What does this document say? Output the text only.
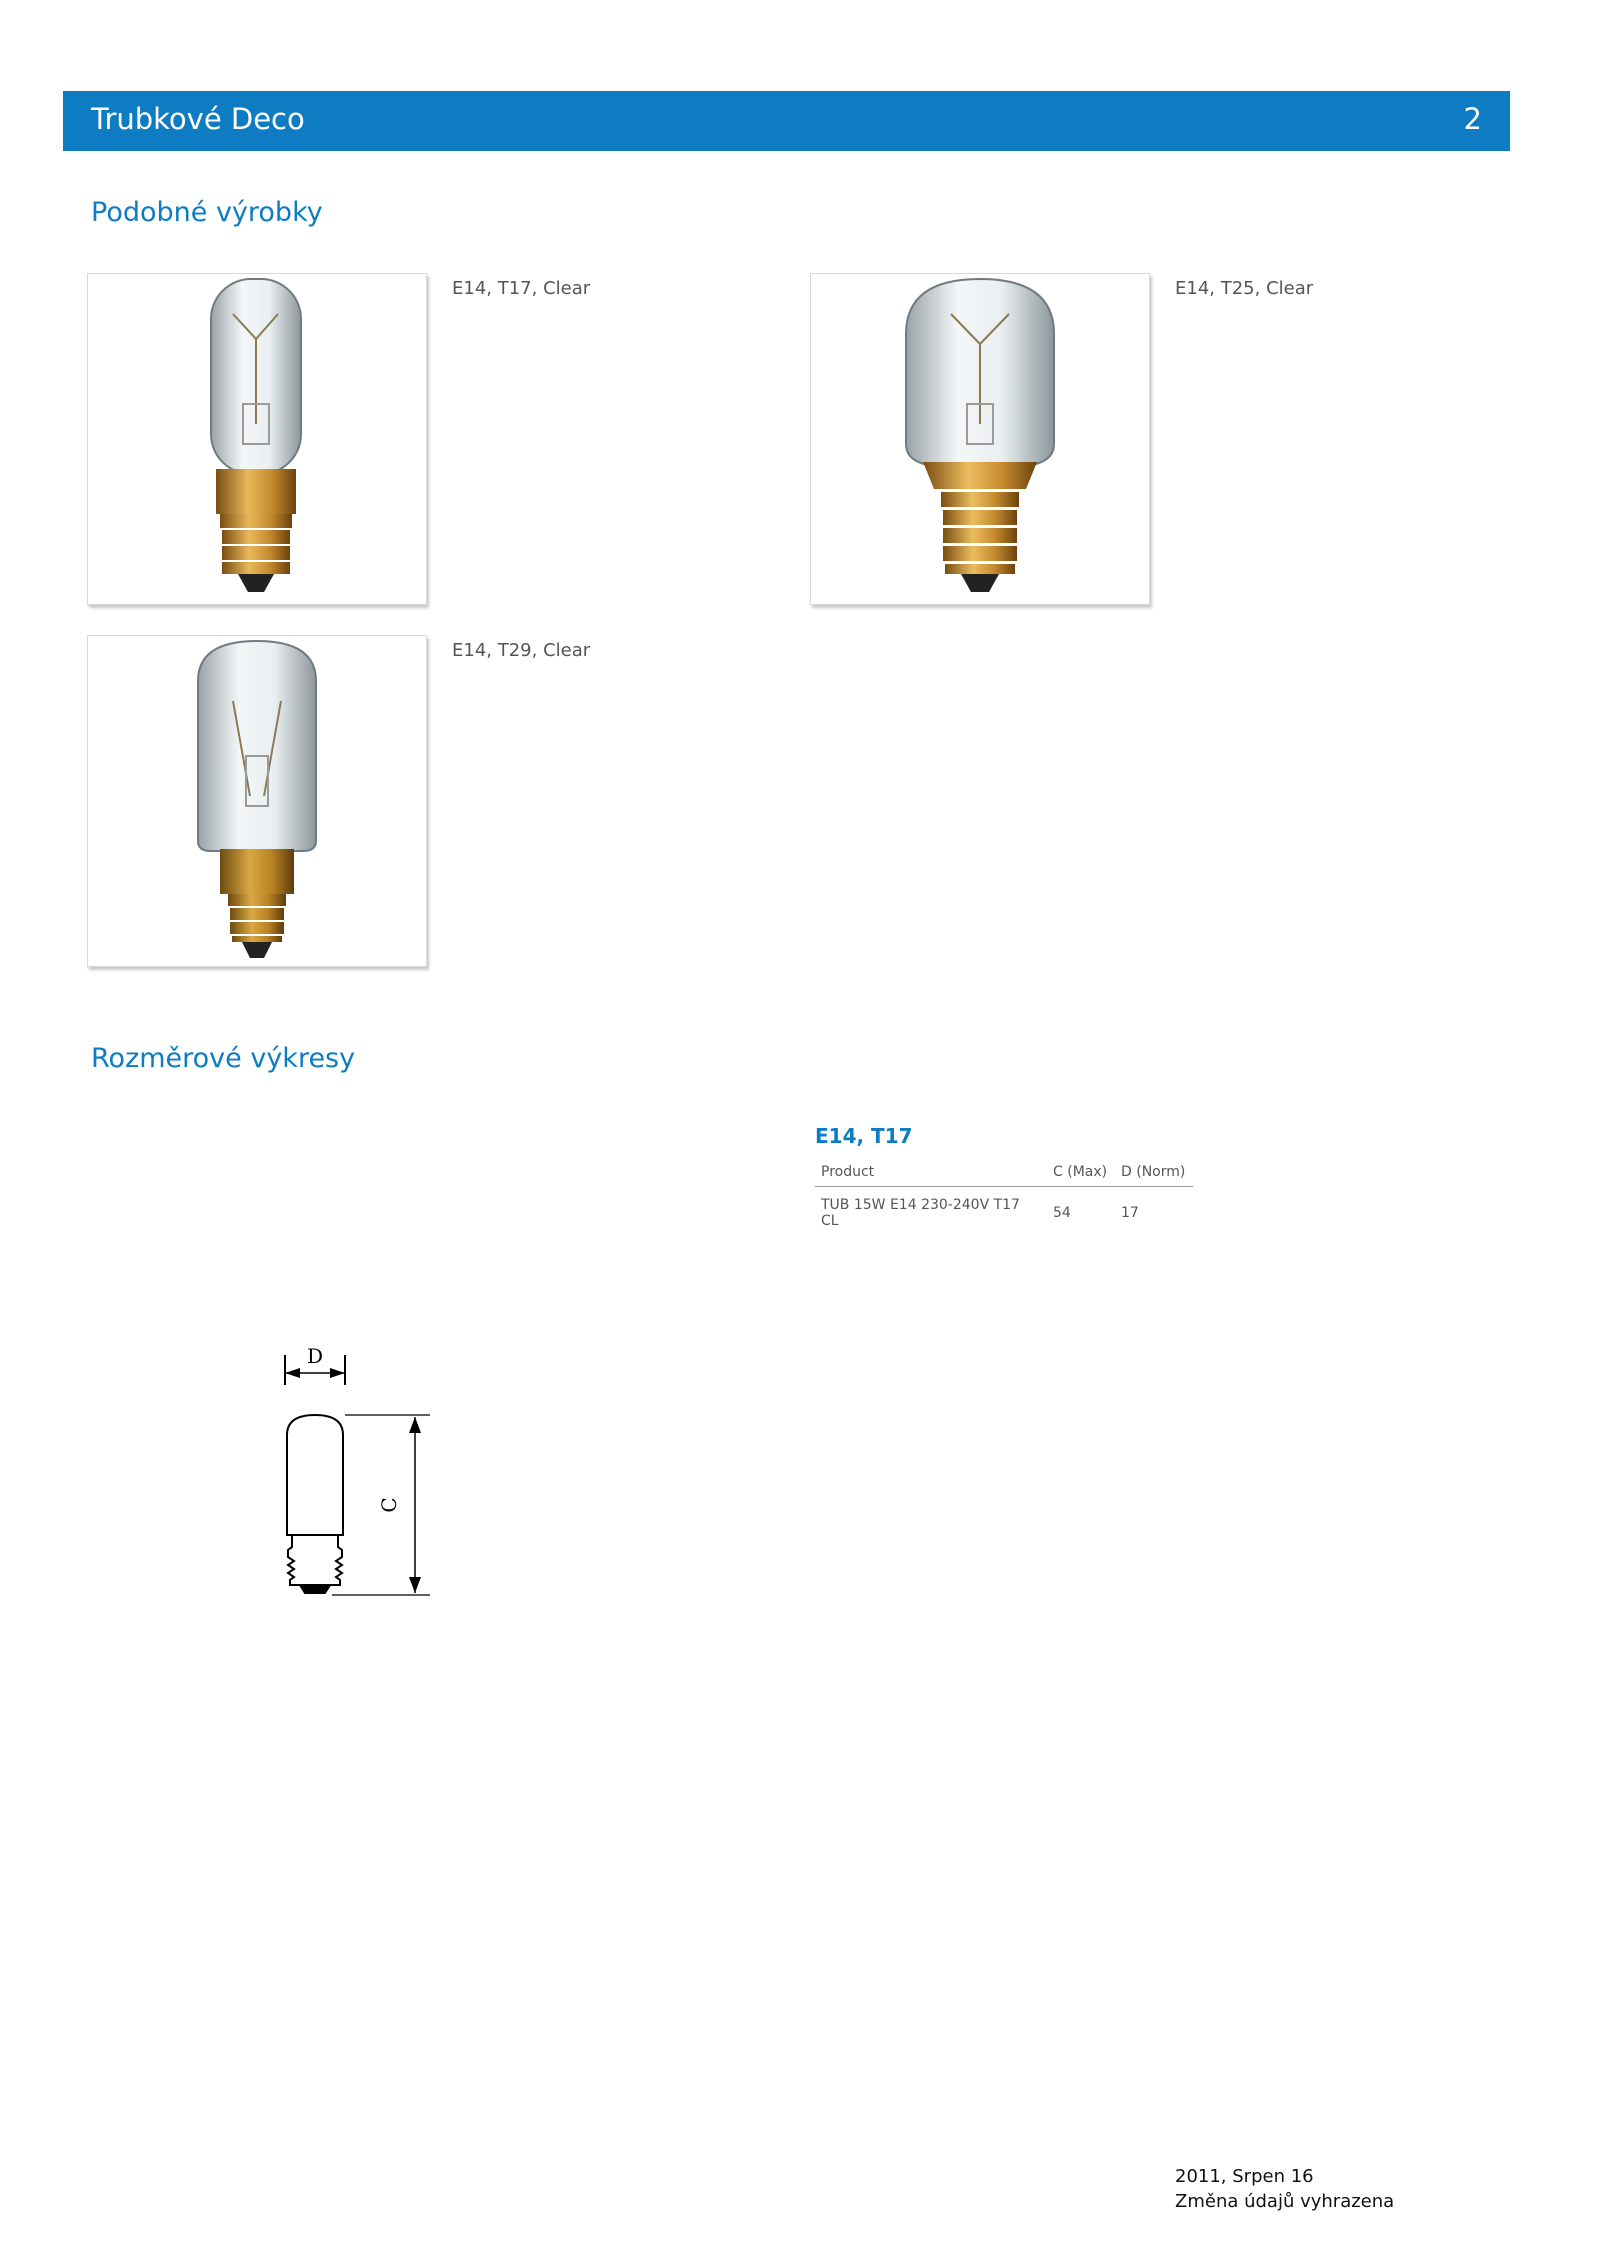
Trubkové Deco	2
Podobné výrobky
E14, T17, Clear	E14, T25, Clear
E14, T29, Clear
Rozměrové výkresy
E14, T17
Product	C (Max)	D (Norm)
TUB 15W E14 230-240V T17 CL	54	17
D
C
2011, Srpen 16
Změna údajů vyhrazena
